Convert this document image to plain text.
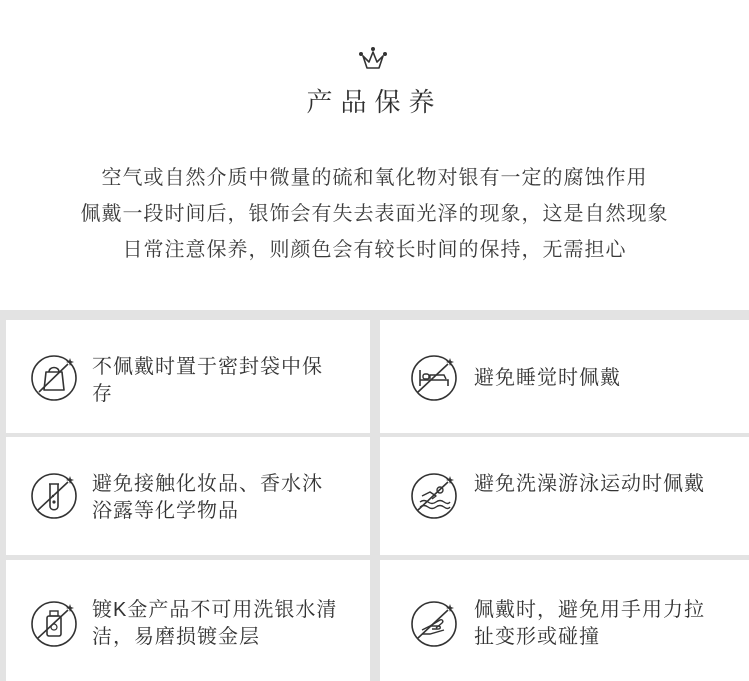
产品保养
空气或自然介质中微量的硫和氧化物对银有一定的腐蚀作用
佩戴一段时间后，银饰会有失去表面光泽的现象，这是自然现象
日常注意保养，则颜色会有较长时间的保持，无需担心
不佩戴时置于密封袋中保存
避免睡觉时佩戴
避免接触化妆品、香水沐浴露等化学物品
避免洗澡游泳运动时佩戴
镀K金产品不可用洗银水清洁，易磨损镀金层
佩戴时，避免用手用力拉扯变形或碰撞
